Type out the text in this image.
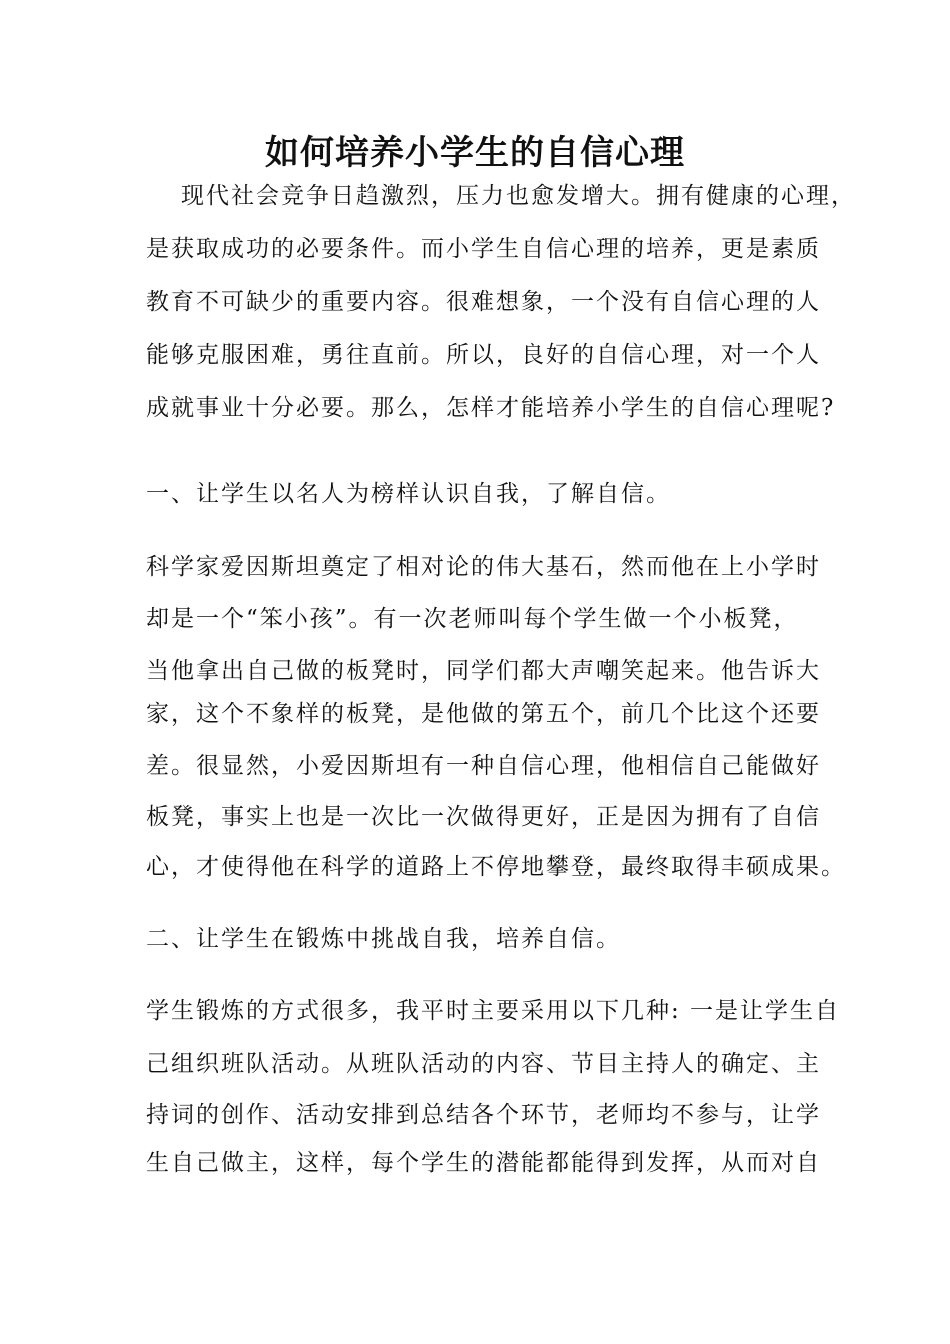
如何培养小学生的自信心理
现代社会竞争日趋激烈，压力也愈发增大。拥有健康的心理，
是获取成功的必要条件。而小学生自信心理的培养，更是素质
教育不可缺少的重要内容。很难想象，一个没有自信心理的人
能够克服困难，勇往直前。所以，良好的自信心理，对一个人
成就事业十分必要。那么，怎样才能培养小学生的自信心理呢?
一、让学生以名人为榜样认识自我，了解自信。
科学家爱因斯坦奠定了相对论的伟大基石，然而他在上小学时
却是一个“笨小孩”。有一次老师叫每个学生做一个小板凳，
当他拿出自己做的板凳时，同学们都大声嘲笑起来。他告诉大
家，这个不象样的板凳，是他做的第五个，前几个比这个还要
差。很显然，小爱因斯坦有一种自信心理，他相信自己能做好
板凳，事实上也是一次比一次做得更好，正是因为拥有了自信
心，才使得他在科学的道路上不停地攀登，最终取得丰硕成果。
二、让学生在锻炼中挑战自我，培养自信。
学生锻炼的方式很多，我平时主要采用以下几种: 一是让学生自
己组织班队活动。从班队活动的内容、节目主持人的确定、主
持词的创作、活动安排到总结各个环节，老师均不参与，让学
生自己做主，这样，每个学生的潜能都能得到发挥，从而对自
